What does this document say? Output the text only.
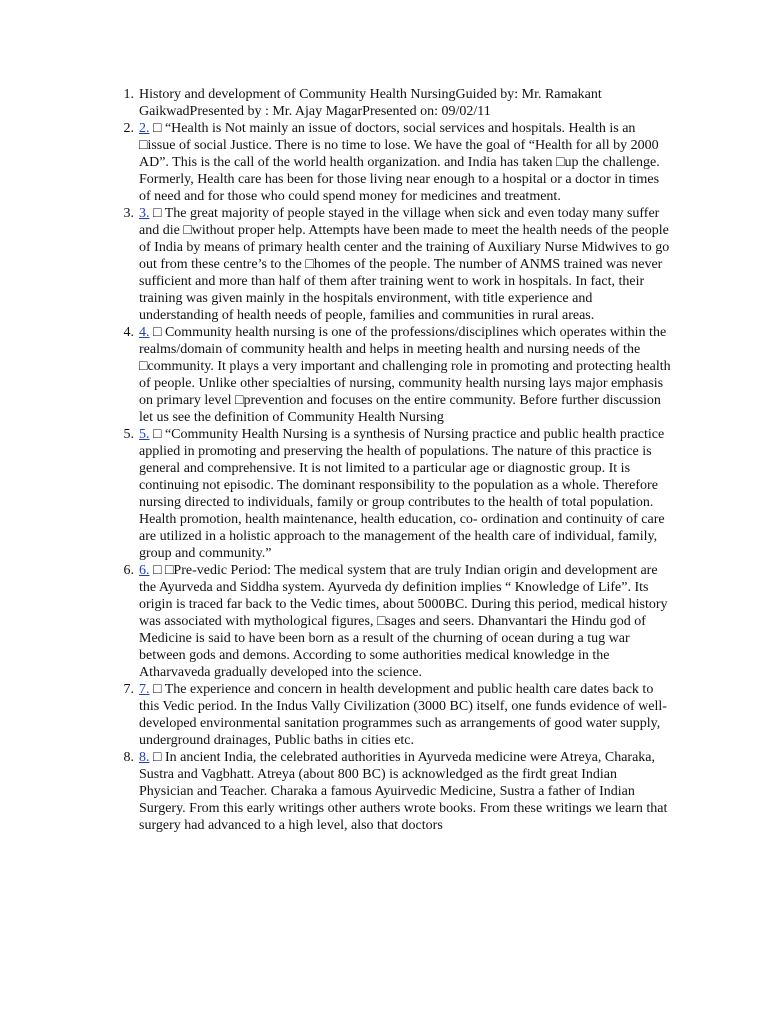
1. History and development of Community Health NursingGuided by: Mr. Ramakant GaikwadPresented by : Mr. Ajay MagarPresented on: 09/02/11
2. 2. □ “Health is Not mainly an issue of doctors, social services and hospitals. Health is an □issue of social Justice. There is no time to lose. We have the goal of “Health for all by 2000 AD”. This is the call of the world health organization. and India has taken □up the challenge. Formerly, Health care has been for those living near enough to a hospital or a doctor in times of need and for those who could spend money for medicines and treatment.
3. 3. □ The great majority of people stayed in the village when sick and even today many suffer and die □without proper help. Attempts have been made to meet the health needs of the people of India by means of primary health center and the training of Auxiliary Nurse Midwives to go out from these centre’s to the □homes of the people. The number of ANMS trained was never sufficient and more than half of them after training went to work in hospitals. In fact, their training was given mainly in the hospitals environment, with title experience and understanding of health needs of people, families and communities in rural areas.
4. 4. □ Community health nursing is one of the professions/disciplines which operates within the realms/domain of community health and helps in meeting health and nursing needs of the □community. It plays a very important and challenging role in promoting and protecting health of people. Unlike other specialties of nursing, community health nursing lays major emphasis on primary level □prevention and focuses on the entire community. Before further discussion let us see the definition of Community Health Nursing
5. 5. □ “Community Health Nursing is a synthesis of Nursing practice and public health practice applied in promoting and preserving the health of populations. The nature of this practice is general and comprehensive. It is not limited to a particular age or diagnostic group. It is continuing not episodic. The dominant responsibility to the population as a whole. Therefore nursing directed to individuals, family or group contributes to the health of total population. Health promotion, health maintenance, health education, co- ordination and continuity of care are utilized in a holistic approach to the management of the health care of individual, family, group and community.”
6. 6. □ □Pre-vedic Period: The medical system that are truly Indian origin and development are the Ayurveda and Siddha system. Ayurveda dy definition implies “ Knowledge of Life”. Its origin is traced far back to the Vedic times, about 5000BC. During this period, medical history was associated with mythological figures, □sages and seers. Dhanvantari the Hindu god of Medicine is said to have been born as a result of the churning of ocean during a tug war between gods and demons. According to some authorities medical knowledge in the Atharvaveda gradually developed into the science.
7. 7. □ The experience and concern in health development and public health care dates back to this Vedic period. In the Indus Vally Civilization (3000 BC) itself, one funds evidence of well- developed environmental sanitation programmes such as arrangements of good water supply, underground drainages, Public baths in cities etc.
8. 8. □ In ancient India, the celebrated authorities in Ayurveda medicine were Atreya, Charaka, Sustra and Vagbhatt. Atreya (about 800 BC) is acknowledged as the firdt great Indian Physician and Teacher. Charaka a famous Ayuirvedic Medicine, Sustra a father of Indian Surgery. From this early writings other authers wrote books. From these writings we learn that surgery had advanced to a high level, also that doctors
